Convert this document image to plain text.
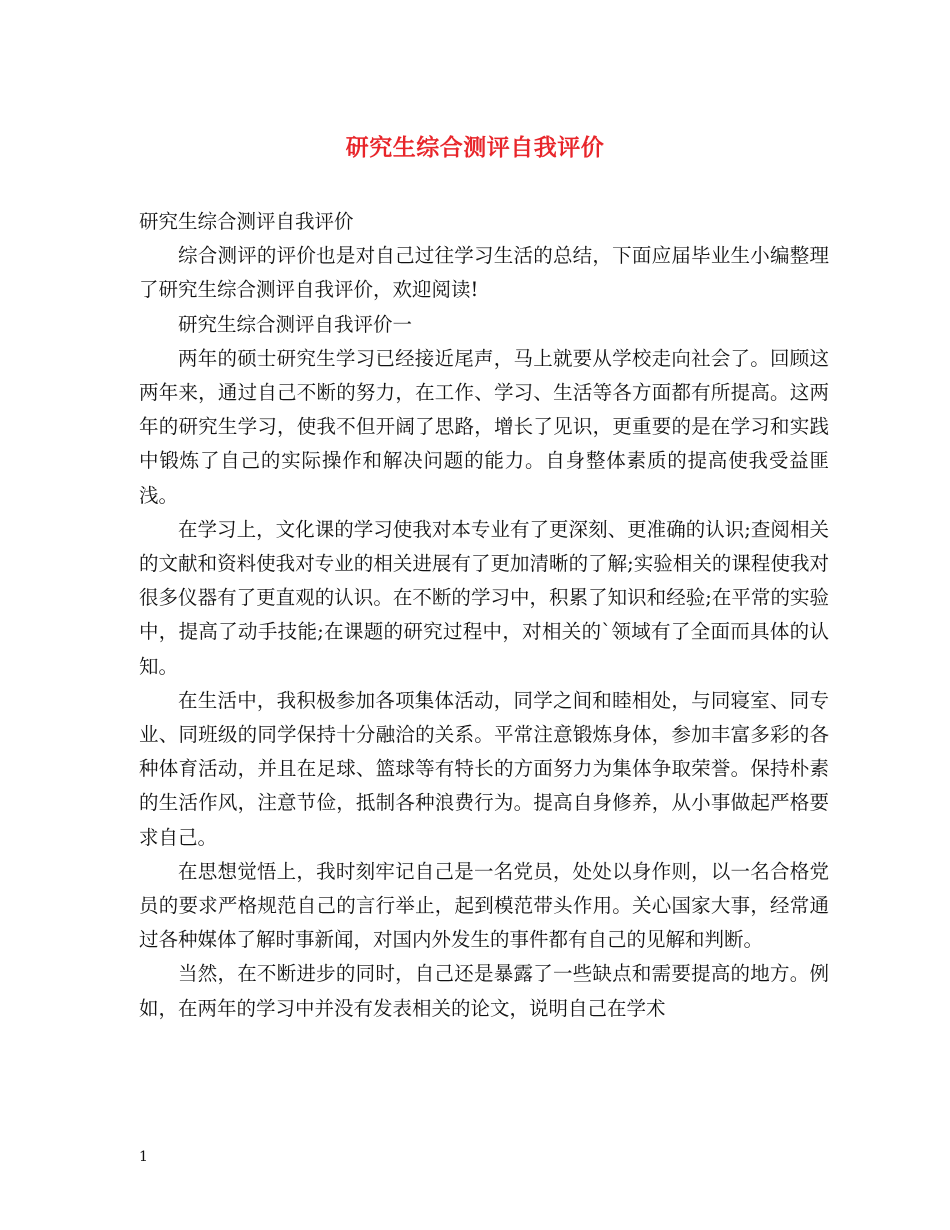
研究生综合测评自我评价

研究生综合测评自我评价

综合测评的评价也是对自己过往学习生活的总结，下面应届毕业生小编整理了研究生综合测评自我评价，欢迎阅读!

研究生综合测评自我评价一

两年的硕士研究生学习已经接近尾声，马上就要从学校走向社会了。回顾这两年来，通过自己不断的努力，在工作、学习、生活等各方面都有所提高。这两年的研究生学习，使我不但开阔了思路，增长了见识，更重要的是在学习和实践中锻炼了自己的实际操作和解决问题的能力。自身整体素质的提高使我受益匪浅。

在学习上，文化课的学习使我对本专业有了更深刻、更准确的认识;查阅相关的文献和资料使我对专业的相关进展有了更加清晰的了解;实验相关的课程使我对很多仪器有了更直观的认识。在不断的学习中，积累了知识和经验;在平常的实验中，提高了动手技能;在课题的研究过程中，对相关的`领域有了全面而具体的认知。

在生活中，我积极参加各项集体活动，同学之间和睦相处，与同寝室、同专业、同班级的同学保持十分融洽的关系。平常注意锻炼身体，参加丰富多彩的各种体育活动，并且在足球、篮球等有特长的方面努力为集体争取荣誉。保持朴素的生活作风，注意节俭，抵制各种浪费行为。提高自身修养，从小事做起严格要求自己。

在思想觉悟上，我时刻牢记自己是一名党员，处处以身作则，以一名合格党员的要求严格规范自己的言行举止，起到模范带头作用。关心国家大事，经常通过各种媒体了解时事新闻，对国内外发生的事件都有自己的见解和判断。

当然，在不断进步的同时，自己还是暴露了一些缺点和需要提高的地方。例如，在两年的学习中并没有发表相关的论文，说明自己在学术

1
